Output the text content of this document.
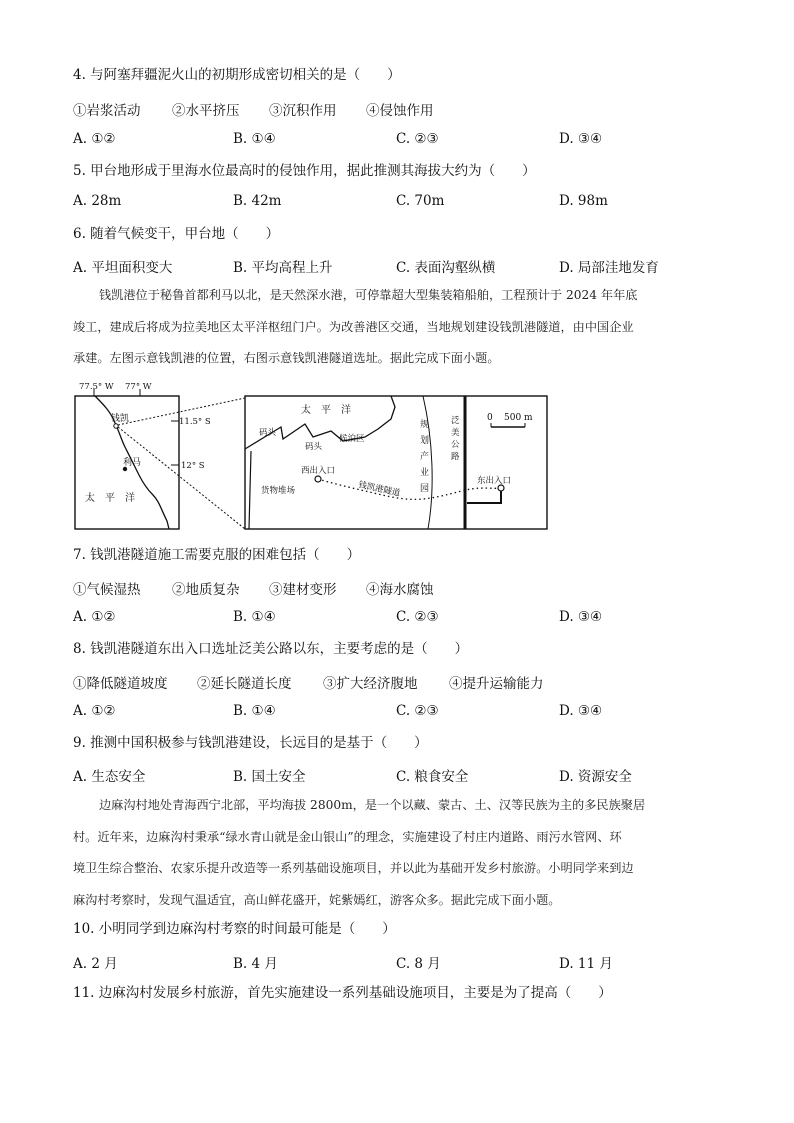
4. 与阿塞拜疆泥火山的初期形成密切相关的是（　　）
①岩浆活动 ②水平挤压 ③沉积作用 ④侵蚀作用
A. ①②	B. ①④	C. ②③	D. ③④
5. 甲台地形成于里海水位最高时的侵蚀作用，据此推测其海拔大约为（　　）
A. 28m	B. 42m	C. 70m	D. 98m
6. 随着气候变干，甲台地（　　）
A. 平坦面积变大	B. 平均高程上升	C. 表面沟壑纵横	D. 局部洼地发育
钱凯港位于秘鲁首都利马以北，是天然深水港，可停靠超大型集装箱船舶，工程预计于 2024 年年底
竣工，建成后将成为拉美地区太平洋枢纽门户。为改善港区交通，当地规划建设钱凯港隧道，由中国企业
承建。左图示意钱凯港的位置，右图示意钱凯港隧道选址。据此完成下面小题。
77.5° W 77° W
11.5° S
12° S
钱凯
利马
太　平　洋
0 500 m
太　平　洋
码头
码头
候泊区
西出入口
钱凯港隧道
货物堆场
东出入口
规
划
产
业
园
泛
美
公
路
7. 钱凯港隧道施工需要克服的困难包括（　　）
①气候湿热 ②地质复杂 ③建材变形 ④海水腐蚀
A. ①②	B. ①④	C. ②③	D. ③④
8. 钱凯港隧道东出入口选址泛美公路以东，主要考虑的是（　　）
①降低隧道坡度 ②延长隧道长度 ③扩大经济腹地 ④提升运输能力
A. ①②	B. ①④	C. ②③	D. ③④
9. 推测中国积极参与钱凯港建设，长远目的是基于（　　）
A. 生态安全	B. 国土安全	C. 粮食安全	D. 资源安全
边麻沟村地处青海西宁北部，平均海拔 2800m，是一个以藏、蒙古、土、汉等民族为主的多民族聚居
村。近年来，边麻沟村秉承“绿水青山就是金山银山”的理念，实施建设了村庄内道路、雨污水管网、环
境卫生综合整治、农家乐提升改造等一系列基础设施项目，并以此为基础开发乡村旅游。小明同学来到边
麻沟村考察时，发现气温适宜，高山鲜花盛开，姹紫嫣红，游客众多。据此完成下面小题。
10. 小明同学到边麻沟村考察的时间最可能是（　　）
A. 2 月	B. 4 月	C. 8 月	D. 11 月
11. 边麻沟村发展乡村旅游，首先实施建设一系列基础设施项目，主要是为了提高（　　）
